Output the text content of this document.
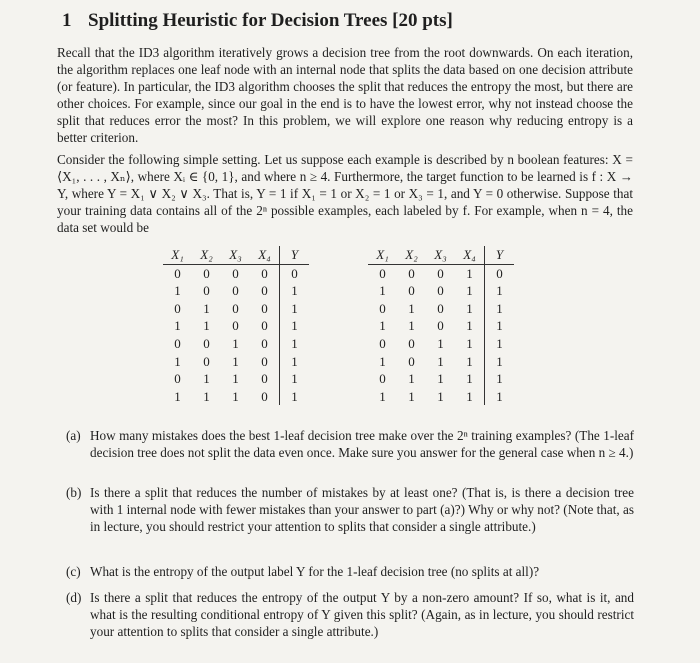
1 Splitting Heuristic for Decision Trees [20 pts]
Recall that the ID3 algorithm iteratively grows a decision tree from the root downwards. On each iteration, the algorithm replaces one leaf node with an internal node that splits the data based on one decision attribute (or feature). In particular, the ID3 algorithm chooses the split that reduces the entropy the most, but there are other choices. For example, since our goal in the end is to have the lowest error, why not instead choose the split that reduces error the most? In this problem, we will explore one reason why reducing entropy is a better criterion.
Consider the following simple setting. Let us suppose each example is described by n boolean features: X = ⟨X₁, . . . , Xₙ⟩, where Xᵢ ∈ {0, 1}, and where n ≥ 4. Furthermore, the target function to be learned is f : X → Y, where Y = X₁ ∨ X₂ ∨ X₃. That is, Y = 1 if X₁ = 1 or X₂ = 1 or X₃ = 1, and Y = 0 otherwise. Suppose that your training data contains all of the 2ⁿ possible examples, each labeled by f. For example, when n = 4, the data set would be
X₁	X₂	X₃	X₄	Y
0	0	0	0	0
1	0	0	0	1
0	1	0	0	1
1	1	0	0	1
0	0	1	0	1
1	0	1	0	1
0	1	1	0	1
1	1	1	0	1
X₁	X₂	X₃	X₄	Y
0	0	0	1	0
1	0	0	1	1
0	1	0	1	1
1	1	0	1	1
0	0	1	1	1
1	0	1	1	1
0	1	1	1	1
1	1	1	1	1
(a) How many mistakes does the best 1-leaf decision tree make over the 2ⁿ training examples? (The 1-leaf decision tree does not split the data even once. Make sure you answer for the general case when n ≥ 4.)
(b) Is there a split that reduces the number of mistakes by at least one? (That is, is there a decision tree with 1 internal node with fewer mistakes than your answer to part (a)?) Why or why not? (Note that, as in lecture, you should restrict your attention to splits that consider a single attribute.)
(c) What is the entropy of the output label Y for the 1-leaf decision tree (no splits at all)?
(d) Is there a split that reduces the entropy of the output Y by a non-zero amount? If so, what is it, and what is the resulting conditional entropy of Y given this split? (Again, as in lecture, you should restrict your attention to splits that consider a single attribute.)
